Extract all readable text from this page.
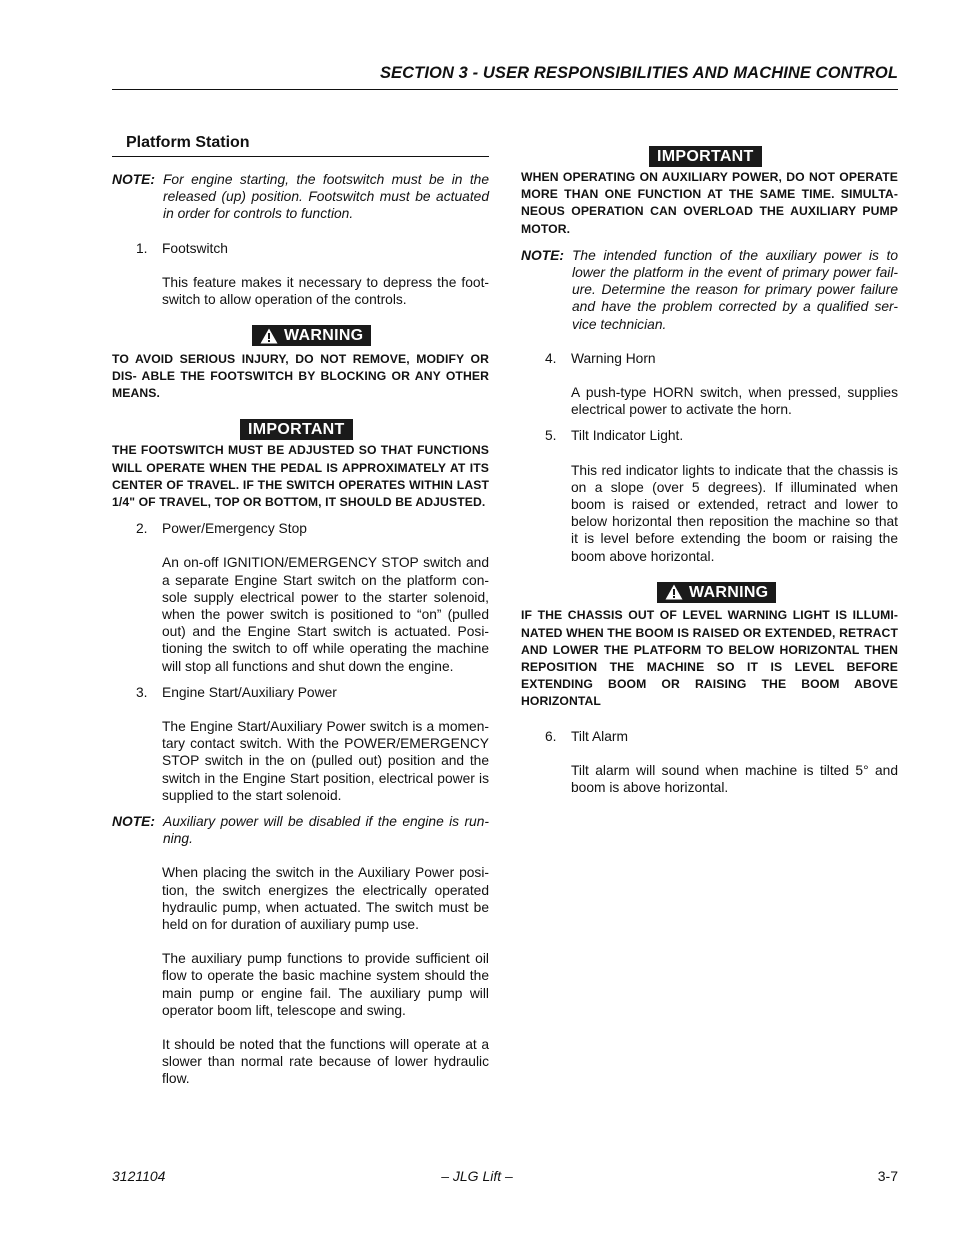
SECTION 3 - USER RESPONSIBILITIES AND MACHINE CONTROL
Platform Station
NOTE: For engine starting, the footswitch must be in the released (up) position. Footswitch must be actuated in order for controls to function.
1.	Footswitch

This feature makes it necessary to depress the foot- switch to allow operation of the controls.

WARNING

TO AVOID SERIOUS INJURY, DO NOT REMOVE, MODIFY OR DIS- ABLE THE FOOTSWITCH BY BLOCKING OR ANY OTHER MEANS.

IMPORTANT

THE FOOTSWITCH MUST BE ADJUSTED SO THAT FUNCTIONS WILL OPERATE WHEN THE PEDAL IS APPROXIMATELY AT ITS CENTER OF TRAVEL. IF THE SWITCH OPERATES WITHIN LAST 1/4" OF TRAVEL, TOP OR BOTTOM, IT SHOULD BE ADJUSTED.

2.	Power/Emergency Stop

An on-off IGNITION/EMERGENCY STOP switch and a separate Engine Start switch on the platform con- sole supply electrical power to the starter solenoid, when the power switch is positioned to “on” (pulled out) and the Engine Start switch is actuated. Posi- tioning the switch to off while operating the machine will stop all functions and shut down the engine.

3.	Engine Start/Auxiliary Power

The Engine Start/Auxiliary Power switch is a momen- tary contact switch. With the POWER/EMERGENCY STOP switch in the on (pulled out) position and the switch in the Engine Start position, electrical power is supplied to the start solenoid.

NOTE: Auxiliary power will be disabled if the engine is run- ning.

When placing the switch in the Auxiliary Power posi- tion, the switch energizes the electrically operated hydraulic pump, when actuated. The switch must be held on for duration of auxiliary pump use.

The auxiliary pump functions to provide sufficient oil flow to operate the basic machine system should the main pump or engine fail. The auxiliary pump will operator boom lift, telescope and swing.

It should be noted that the functions will operate at a slower than normal rate because of lower hydraulic flow.

IMPORTANT

WHEN OPERATING ON AUXILIARY POWER, DO NOT OPERATE MORE THAN ONE FUNCTION AT THE SAME TIME. SIMULTA- NEOUS OPERATION CAN OVERLOAD THE AUXILIARY PUMP MOTOR.

NOTE: The intended function of the auxiliary power is to lower the platform in the event of primary power fail- ure. Determine the reason for primary power failure and have the problem corrected by a qualified ser- vice technician.
4.	Warning Horn

A push-type HORN switch, when pressed, supplies electrical power to activate the horn.

5.	Tilt Indicator Light.

This red indicator lights to indicate that the chassis is on a slope (over 5 degrees). If illuminated when boom is raised or extended, retract and lower to below horizontal then reposition the machine so that it is level before extending the boom or raising the boom above horizontal.

WARNING

IF THE CHASSIS OUT OF LEVEL WARNING LIGHT IS ILLUMI- NATED WHEN THE BOOM IS RAISED OR EXTENDED, RETRACT AND LOWER THE PLATFORM TO BELOW HORIZONTAL THEN REPOSITION THE MACHINE SO IT IS LEVEL BEFORE EXTENDING BOOM OR RAISING THE BOOM ABOVE HORIZONTAL

6.	Tilt Alarm

Tilt alarm will sound when machine is tilted 5° and boom is above horizontal.

– JLG Lift –
3121104	3-7
